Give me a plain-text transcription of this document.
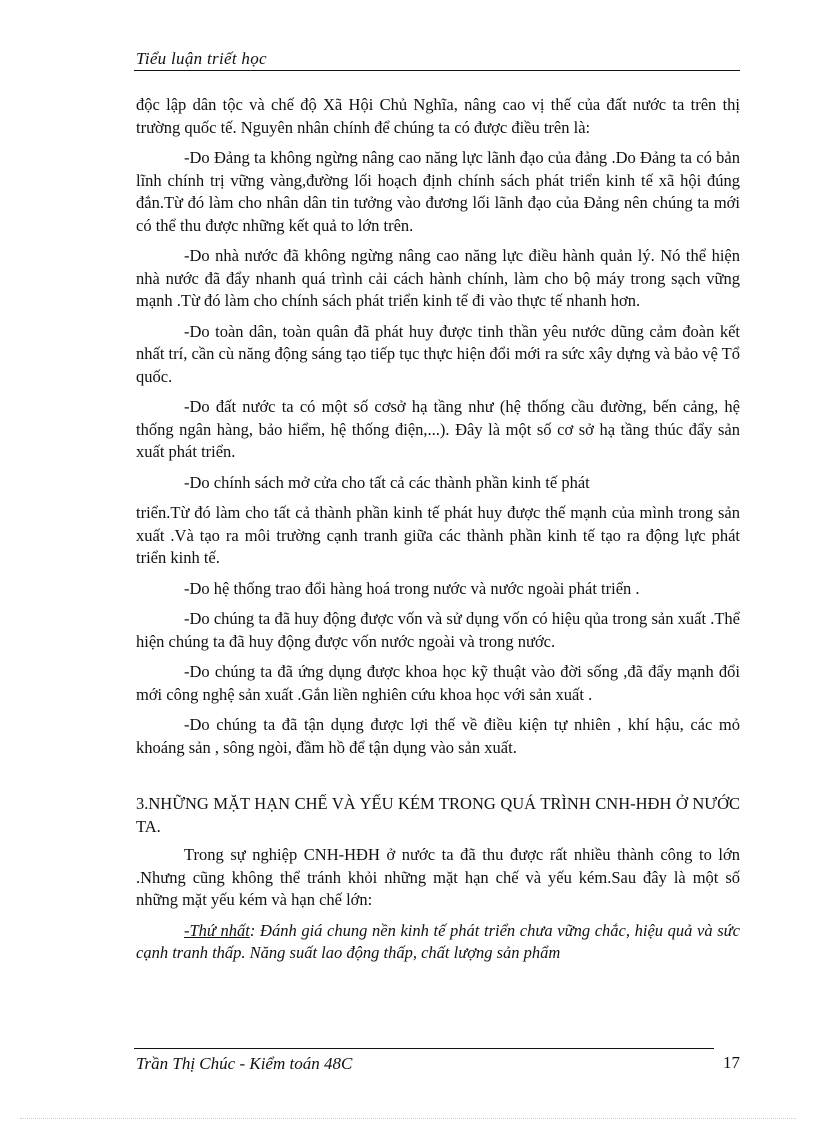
Tiểu luận triết học

độc lập dân tộc và chế độ Xã Hội Chủ Nghĩa, nâng cao vị thế của đất nước ta trên thị trường quốc tế. Nguyên nhân chính để chúng ta có được điều trên là:

-Do Đảng ta không ngừng nâng cao năng lực lãnh đạo của đảng .Do Đảng ta có bản lĩnh chính trị vững vàng,đường lối hoạch định chính sách phát triển kinh tế xã hội đúng đắn.Từ đó làm cho nhân dân tin tưởng vào đương lối lãnh đạo của Đảng nên chúng ta mới có thể thu được những kết quả to lớn trên.

-Do nhà nước đã không ngừng nâng cao năng lực điều hành quản lý. Nó thể hiện nhà nước đã đẩy nhanh quá trình cải cách hành chính, làm cho bộ máy trong sạch vững mạnh .Từ đó làm cho chính sách phát triển kinh tế đi vào thực tế nhanh hơn.

-Do toàn dân, toàn quân đã phát huy được tinh thần yêu nước dũng cảm đoàn kết nhất trí, cần cù năng động sáng tạo tiếp tục thực hiện đổi mới ra sức xây dựng và bảo vệ Tổ quốc.

-Do đất nước ta có một số cơsở hạ tầng như (hệ thống cầu đường, bến cảng, hệ thống ngân hàng, bảo hiểm, hệ thống điện,...). Đây là một số cơ sở hạ tầng thúc đẩy sản xuất phát triển.

-Do chính sách mở cửa cho tất cả các thành phần kinh tế phát

triển.Từ đó làm cho tất cả thành phần kinh tế phát huy được thế mạnh của mình trong sản xuất .Và tạo ra môi trường cạnh tranh giữa các thành phần kinh tế tạo ra động lực phát triển kinh tế.

-Do hệ thống trao đổi hàng hoá trong nước và nước ngoài phát triển .

-Do chúng ta đã huy động được vốn và sử dụng vốn có hiệu qủa trong sản xuất .Thể hiện chúng ta đã huy động được vốn nước ngoài và trong nước.

-Do chúng ta đã ứng dụng được khoa học kỹ thuật vào đời sống ,đã đẩy mạnh đổi mới công nghệ sản xuất .Gắn liền nghiên cứu khoa học với sản xuất .

-Do chúng ta đã tận dụng được lợi thế về điều kiện tự nhiên , khí hậu, các mỏ khoáng sản , sông ngòi, đầm hồ để tận dụng vào sản xuất.

3.NHỮNG MẶT HẠN CHẾ VÀ YẾU KÉM TRONG QUÁ TRÌNH CNH-HĐH Ở NƯỚC TA.

Trong sự nghiệp CNH-HĐH ở nước ta đã thu được rất nhiều thành công to lớn .Nhưng cũng không thể tránh khỏi những mặt hạn chế và yếu kém.Sau đây là một số những mặt yếu kém và hạn chế lớn:

-Thứ nhất: Đánh giá chung nền kinh tế phát triển chưa vững chắc, hiệu quả và sức cạnh tranh thấp. Năng suất lao động thấp, chất lượng sản phẩm

Trần Thị Chúc - Kiểm toán 48C	17
